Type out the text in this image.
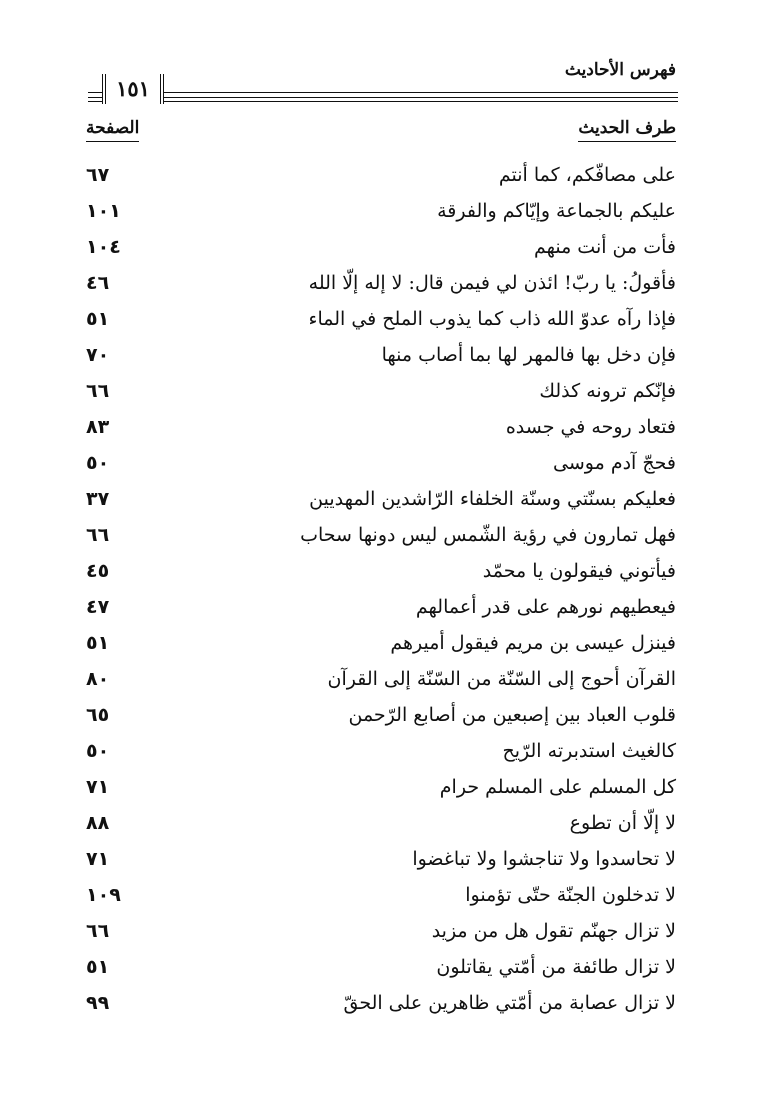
فهرس الأحاديث
١٥١
طرف الحديث
الصفحة
على مصافّكم، كما أنتم
٦٧
عليكم بالجماعة وإيّاكم والفرقة
١٠١
فأت من أنت منهم
١٠٤
فأقولُ: يا ربّ! ائذن لي فيمن قال: لا إله إلّا الله
٤٦
فإذا رآه عدوّ الله ذاب كما يذوب الملح في الماء
٥١
فإن دخل بها فالمهر لها بما أصاب منها
٧٠
فإنّكم ترونه كذلك
٦٦
فتعاد روحه في جسده
٨٣
فحجّ آدم موسى
٥٠
فعليكم بسنّتي وسنّة الخلفاء الرّاشدين المهديين
٣٧
فهل تمارون في رؤية الشّمس ليس دونها سحاب
٦٦
فيأتوني فيقولون يا محمّد
٤٥
فيعطيهم نورهم على قدر أعمالهم
٤٧
فينزل عيسى بن مريم فيقول أميرهم
٥١
القرآن أحوج إلى السّنّة من السّنّة إلى القرآن
٨٠
قلوب العباد بين إصبعين من أصابع الرّحمن
٦٥
كالغيث استدبرته الرّيح
٥٠
كل المسلم على المسلم حرام
٧١
لا إلّا أن تطوع
٨٨
لا تحاسدوا ولا تناجشوا ولا تباغضوا
٧١
لا تدخلون الجنّة حتّى تؤمنوا
١٠٩
لا تزال جهنّم تقول هل من مزيد
٦٦
لا تزال طائفة من أمّتي يقاتلون
٥١
لا تزال عصابة من أمّتي ظاهرين على الحقّ
٩٩
